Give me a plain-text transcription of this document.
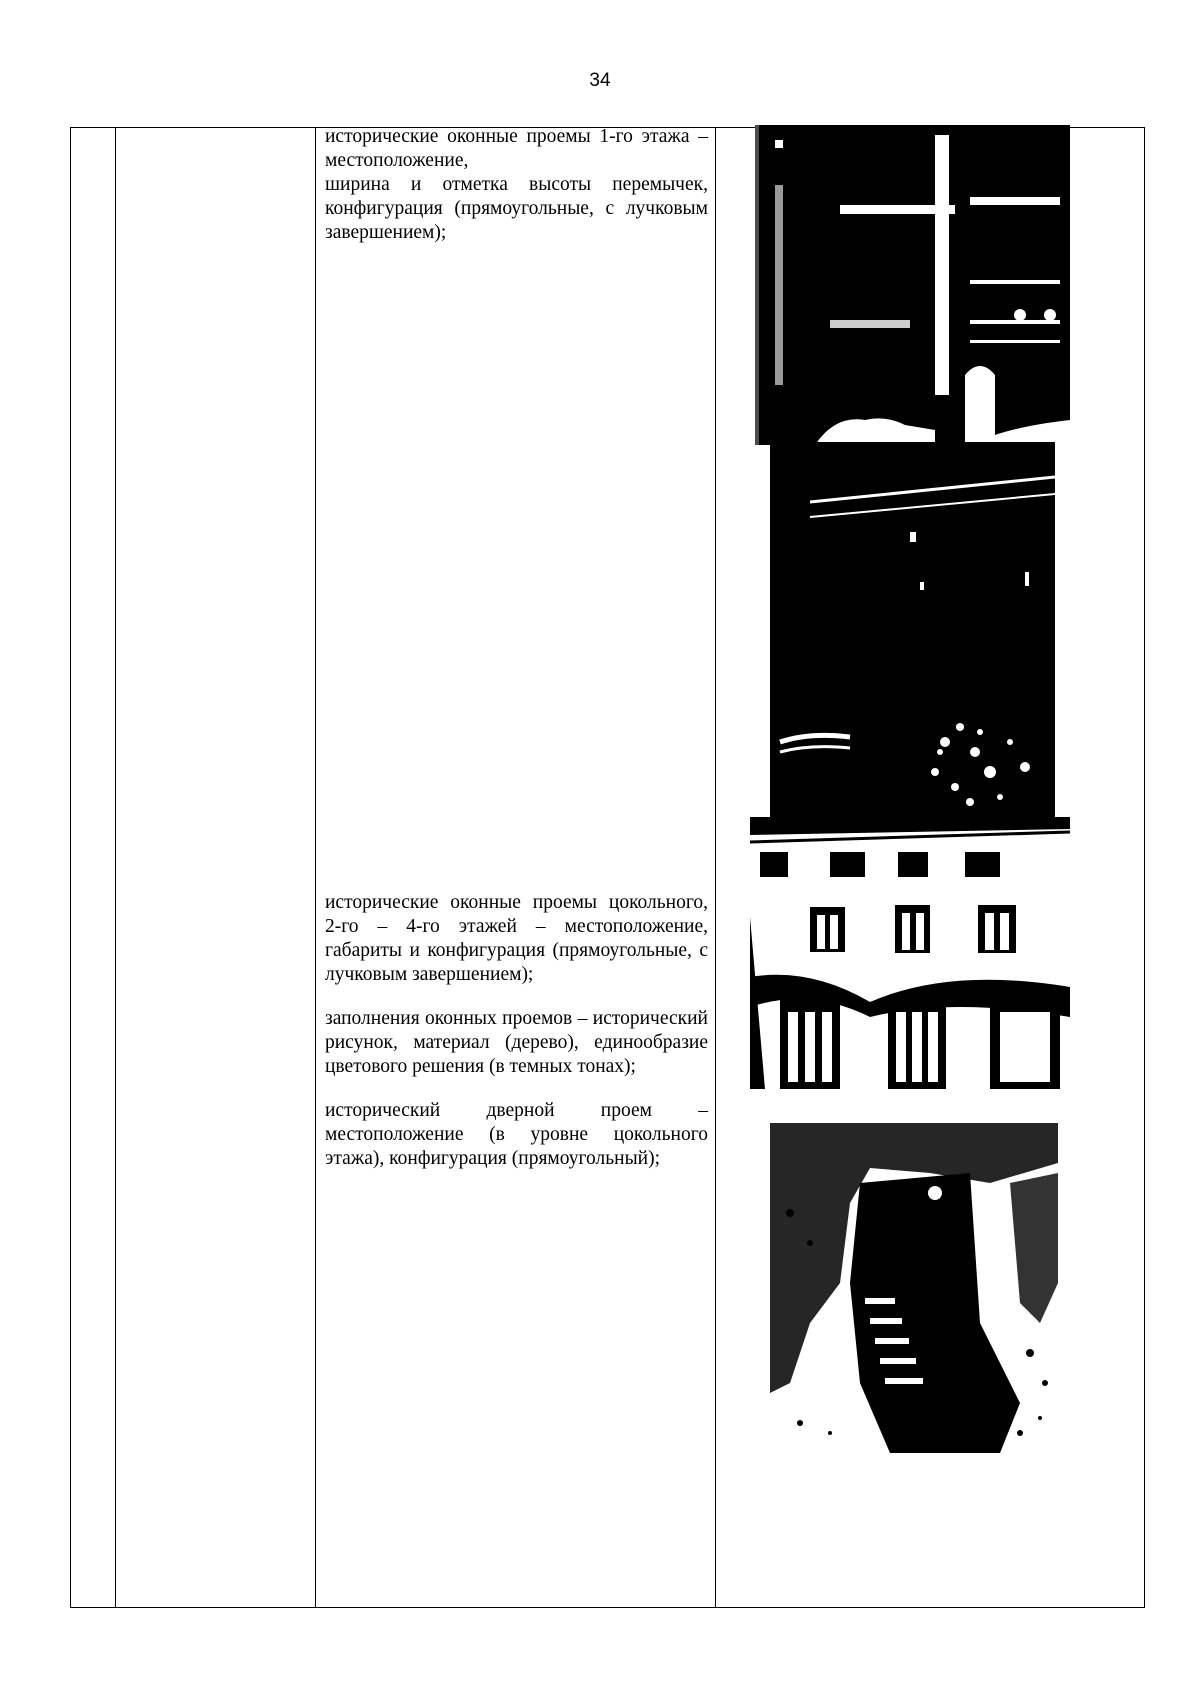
34

исторические оконные проемы 1-го этажа – местоположение,

ширина и отметка высоты перемычек, конфигурация (прямоугольные, с лучковым завершением);

исторические оконные проемы цокольного, 2-го – 4-го этажей – местоположение, габариты и конфигурация (прямоугольные, с лучковым завершением);

заполнения оконных проемов – исторический рисунок, материал (дерево), единообразие цветового решения (в темных тонах);

исторический дверной проем – местоположение (в уровне цокольного этажа), конфигурация (прямоугольный);
